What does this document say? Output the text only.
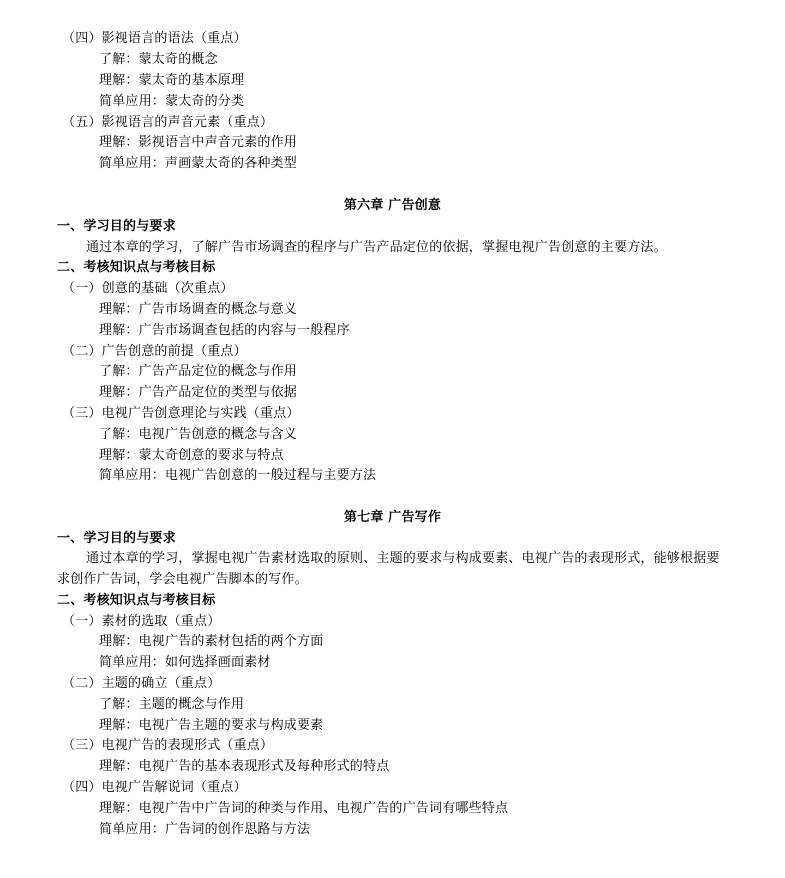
（四）影视语言的语法（重点）
了解：蒙太奇的概念
理解：蒙太奇的基本原理
简单应用：蒙太奇的分类
（五）影视语言的声音元素（重点）
理解：影视语言中声音元素的作用
简单应用：声画蒙太奇的各种类型
第六章 广告创意
一、学习目的与要求
通过本章的学习，了解广告市场调查的程序与广告产品定位的依据，掌握电视广告创意的主要方法。
二、考核知识点与考核目标
（一）创意的基础（次重点）
理解：广告市场调查的概念与意义
理解：广告市场调查包括的内容与一般程序
（二）广告创意的前提（重点）
了解：广告产品定位的概念与作用
理解：广告产品定位的类型与依据
（三）电视广告创意理论与实践（重点）
了解：电视广告创意的概念与含义
理解：蒙太奇创意的要求与特点
简单应用：电视广告创意的一般过程与主要方法
第七章 广告写作
一、学习目的与要求
通过本章的学习，掌握电视广告素材选取的原则、主题的要求与构成要素、电视广告的表现形式，能够根据要
求创作广告词，学会电视广告脚本的写作。
二、考核知识点与考核目标
（一）素材的选取（重点）
理解：电视广告的素材包括的两个方面
简单应用：如何选择画面素材
（二）主题的确立（重点）
了解：主题的概念与作用
理解：电视广告主题的要求与构成要素
（三）电视广告的表现形式（重点）
理解：电视广告的基本表现形式及每种形式的特点
（四）电视广告解说词（重点）
理解：电视广告中广告词的种类与作用、电视广告的广告词有哪些特点
简单应用：广告词的创作思路与方法
